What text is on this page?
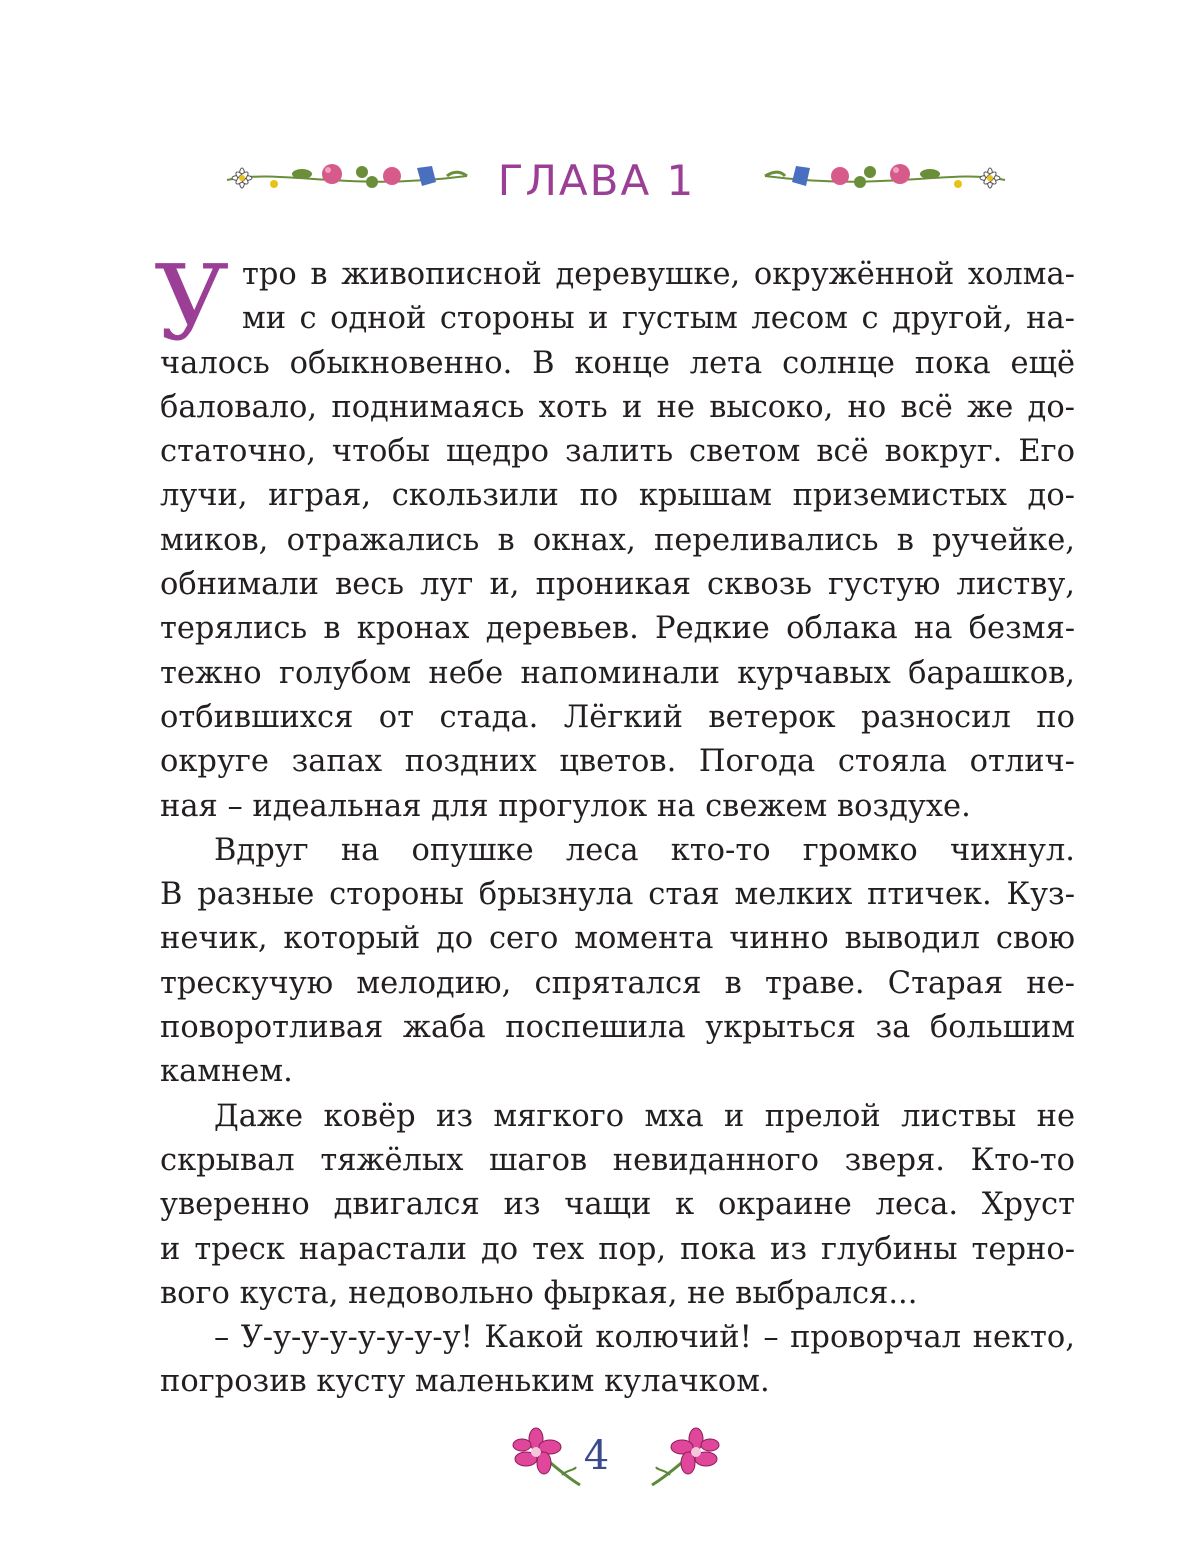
ГЛАВА 1
У тро в живописной деревушке, окружённой холма-
ми с одной стороны и густым лесом с другой, на-
чалось обыкновенно. В конце лета солнце пока ещё
баловало, поднимаясь хоть и не высоко, но всё же до-
статочно, чтобы щедро залить светом всё вокруг. Его
лучи, играя, скользили по крышам приземистых до-
миков, отражались в окнах, переливались в ручейке,
обнимали весь луг и, проникая сквозь густую листву,
терялись в кронах деревьев. Редкие облака на безмя-
тежно голубом небе напоминали курчавых барашков,
отбившихся от стада. Лёгкий ветерок разносил по
округе запах поздних цветов. Погода стояла отлич-
ная – идеальная для прогулок на свежем воздухе.

Вдруг на опушке леса кто-то громко чихнул.
В разные стороны брызнула стая мелких птичек. Куз-
нечик, который до сего момента чинно выводил свою
трескучую мелодию, спрятался в траве. Старая не-
поворотливая жаба поспешила укрыться за большим
камнем.

Даже ковёр из мягкого мха и прелой листвы не
скрывал тяжёлых шагов невиданного зверя. Кто-то
уверенно двигался из чащи к окраине леса. Хруст
и треск нарастали до тех пор, пока из глубины терно-
вого куста, недовольно фыркая, не выбрался...

– У-у-у-у-у-у-у-у! Какой колючий! – проворчал некто,
погрозив кусту маленьким кулачком.

4
